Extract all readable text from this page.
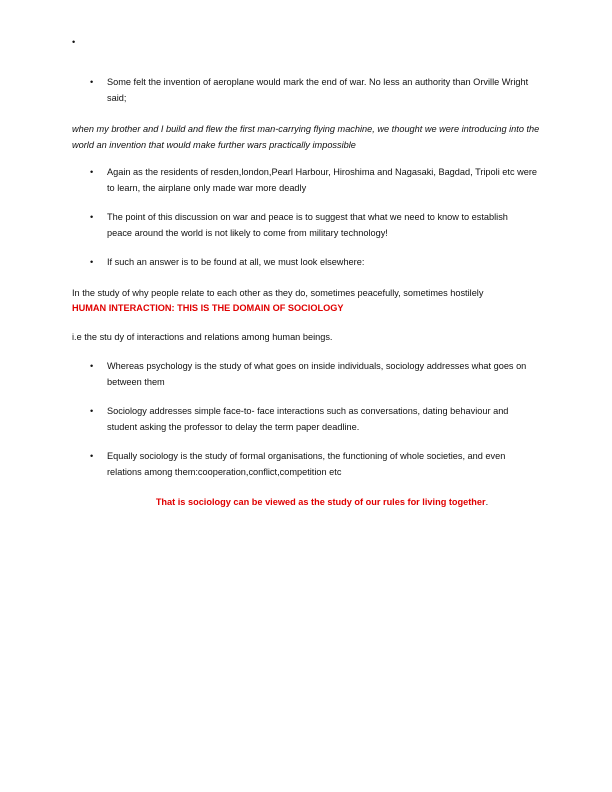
•
•	Some felt the invention of aeroplane would mark the end of war. No less an authority than Orville Wright said;
when my brother and I build and flew the first man-carrying flying machine, we thought we were introducing into the world an invention that would make further wars practically impossible
•	Again as the residents of resden,london,Pearl Harbour, Hiroshima and Nagasaki, Bagdad, Tripoli etc were to learn, the airplane only made war more deadly
•	The point of this discussion on war and peace is to suggest that what we need to know to establish peace around the world is not likely to come from military technology!
•	If such an answer is to be found at all, we must look elsewhere:
In the study of why people relate to each other as they do, sometimes peacefully, sometimes hostilely
HUMAN INTERACTION: THIS IS THE DOMAIN OF SOCIOLOGY
i.e the stu dy of interactions and relations among human beings.
•	Whereas psychology is the study of what goes on inside individuals, sociology addresses what goes on between them
•	Sociology addresses simple face-to- face interactions such as conversations, dating behaviour and student asking the professor to delay the term paper deadline.
•	Equally sociology is the study of formal organisations, the functioning of whole societies, and even relations among them:cooperation,conflict,competition etc
That is sociology can be viewed as the study of our rules for living together.
